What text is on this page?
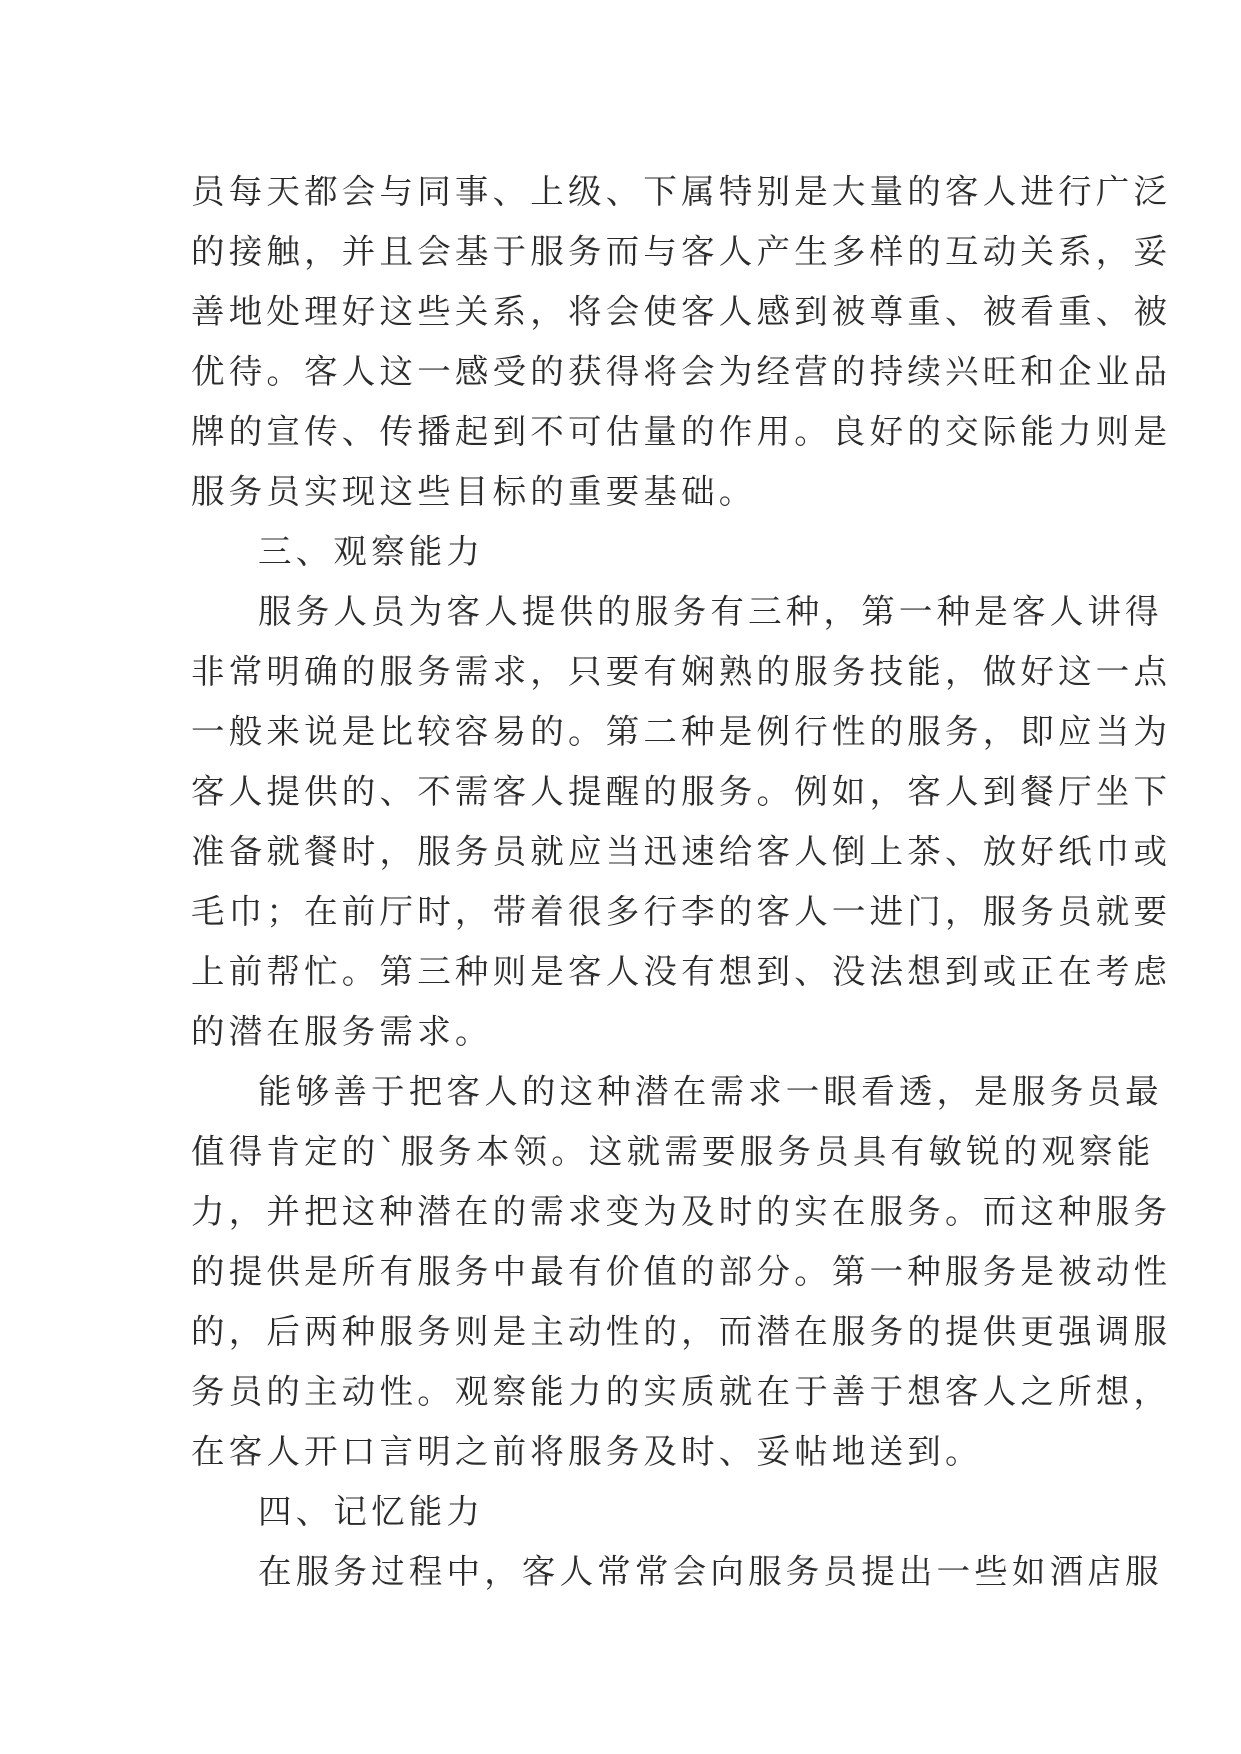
员每天都会与同事、上级、下属特别是大量的客人进行广泛
的接触，并且会基于服务而与客人产生多样的互动关系，妥
善地处理好这些关系，将会使客人感到被尊重、被看重、被
优待。客人这一感受的获得将会为经营的持续兴旺和企业品
牌的宣传、传播起到不可估量的作用。良好的交际能力则是
服务员实现这些目标的重要基础。
三、观察能力
服务人员为客人提供的服务有三种，第一种是客人讲得
非常明确的服务需求，只要有娴熟的服务技能，做好这一点
一般来说是比较容易的。第二种是例行性的服务，即应当为
客人提供的、不需客人提醒的服务。例如，客人到餐厅坐下
准备就餐时，服务员就应当迅速给客人倒上茶、放好纸巾或
毛巾；在前厅时，带着很多行李的客人一进门，服务员就要
上前帮忙。第三种则是客人没有想到、没法想到或正在考虑
的潜在服务需求。
能够善于把客人的这种潜在需求一眼看透，是服务员最
值得肯定的`服务本领。这就需要服务员具有敏锐的观察能
力，并把这种潜在的需求变为及时的实在服务。而这种服务
的提供是所有服务中最有价值的部分。第一种服务是被动性
的，后两种服务则是主动性的，而潜在服务的提供更强调服
务员的主动性。观察能力的实质就在于善于想客人之所想，
在客人开口言明之前将服务及时、妥帖地送到。
四、记忆能力
在服务过程中，客人常常会向服务员提出一些如酒店服
